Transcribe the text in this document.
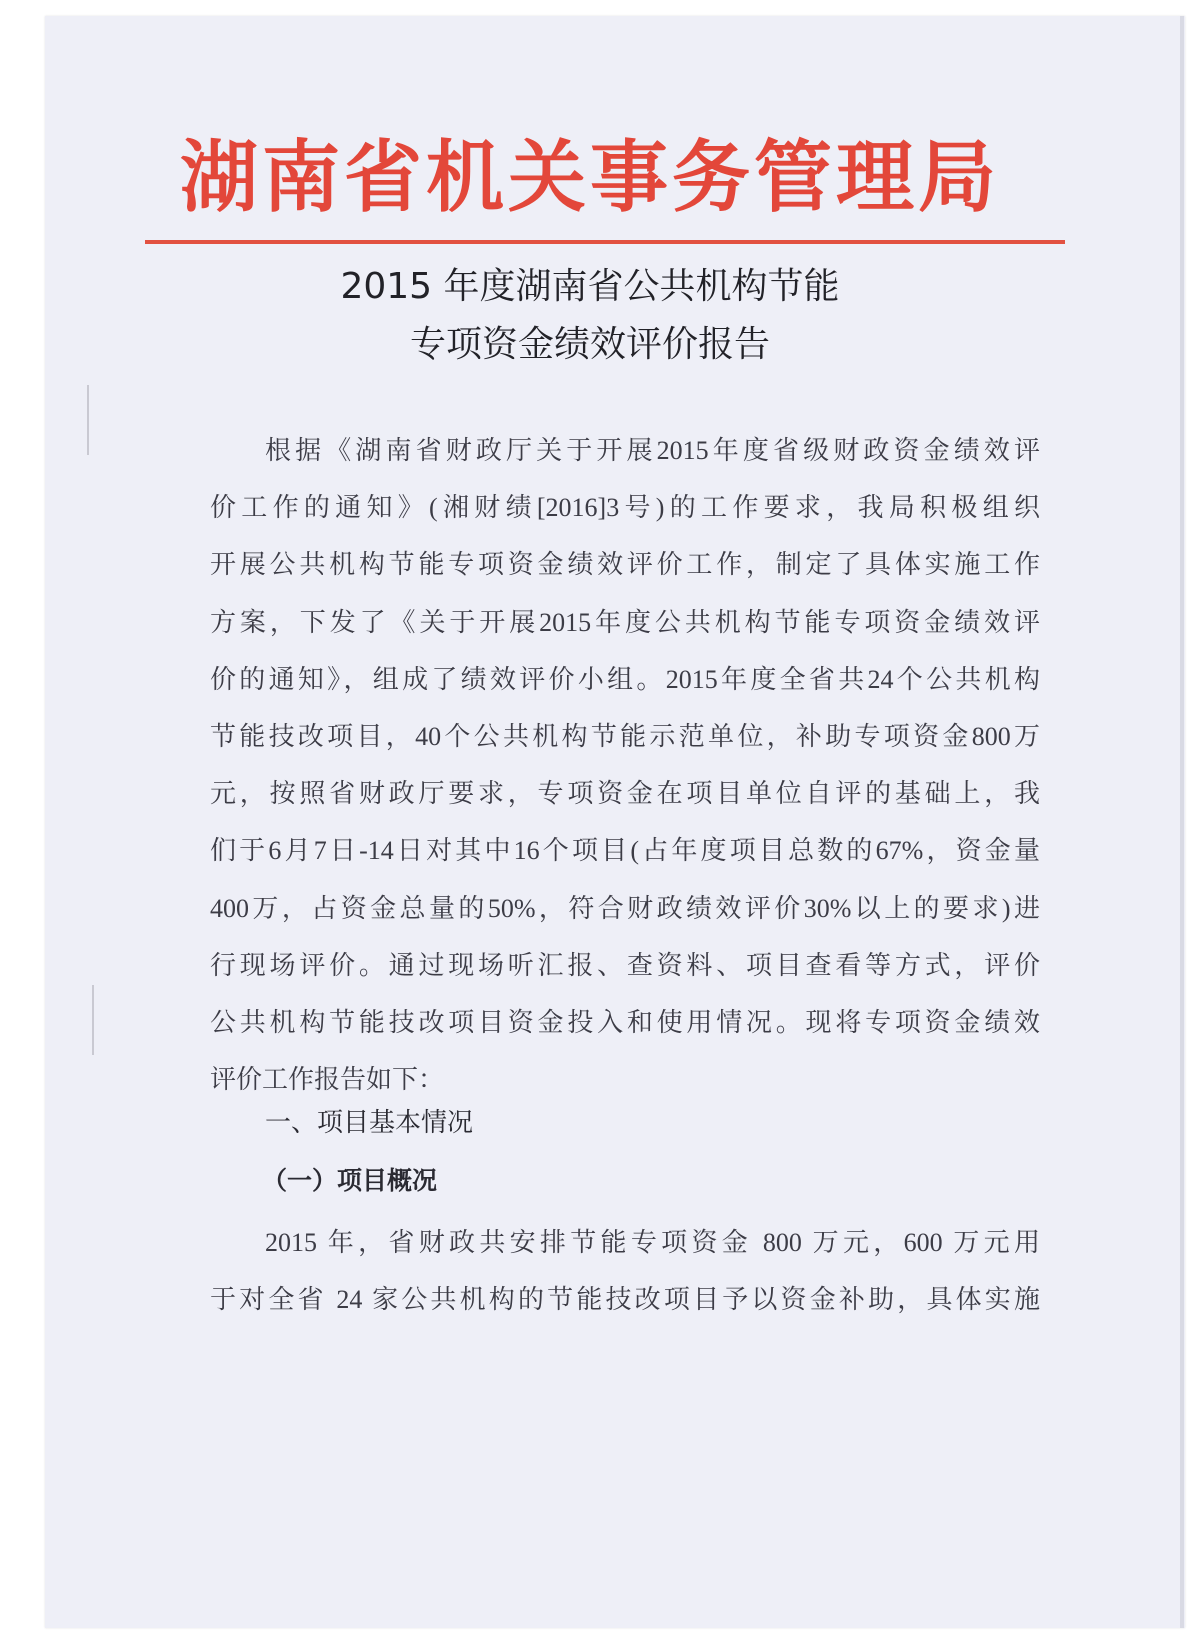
湖南省机关事务管理局
2015 年度湖南省公共机构节能
专项资金绩效评价报告
根据《湖南省财政厅关于开展2015年度省级财政资金绩效评
价工作的通知》(湘财绩[2016]3号)的工作要求，我局积极组织
开展公共机构节能专项资金绩效评价工作，制定了具体实施工作
方案，下发了《关于开展2015年度公共机构节能专项资金绩效评
价的通知》，组成了绩效评价小组。2015年度全省共24个公共机构
节能技改项目，40个公共机构节能示范单位，补助专项资金800万
元，按照省财政厅要求，专项资金在项目单位自评的基础上，我
们于6月7日-14日对其中16个项目(占年度项目总数的67%，资金量
400万，占资金总量的50%，符合财政绩效评价30%以上的要求)进
行现场评价。通过现场听汇报、查资料、项目查看等方式，评价
公共机构节能技改项目资金投入和使用情况。现将专项资金绩效
评价工作报告如下：
一、项目基本情况
（一）项目概况
2015 年，省财政共安排节能专项资金 800 万元，600 万元用
于对全省 24 家公共机构的节能技改项目予以资金补助，具体实施
